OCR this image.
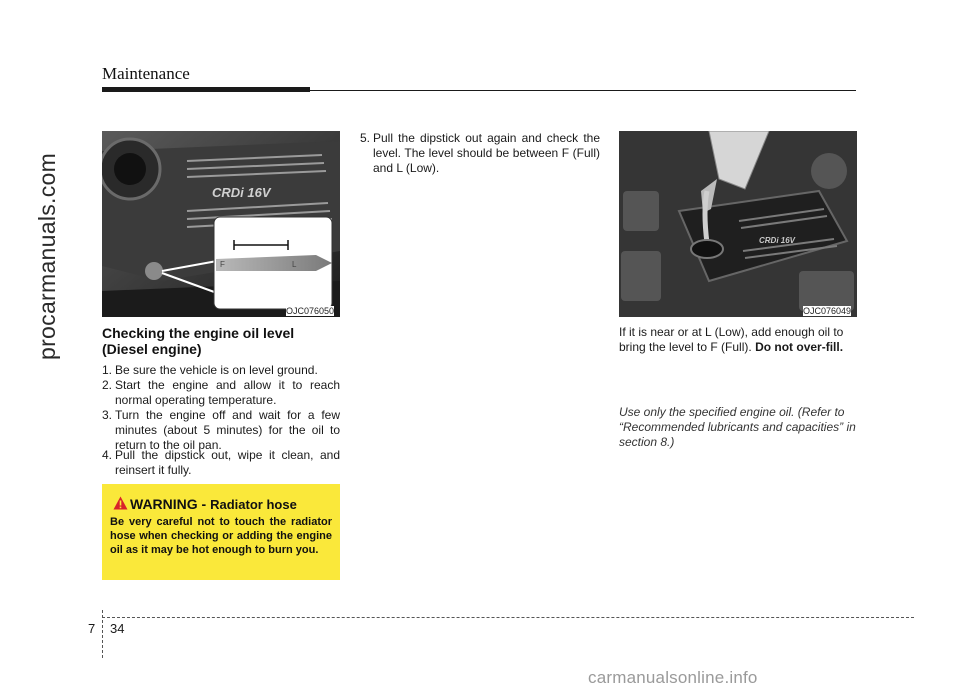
Maintenance
procarmanuals.com	CRDi 16V
F	L
OJC076050
CRDi 16V
OJC076049
Checking the engine oil level
(Diesel engine)
1. Be sure the vehicle is on level ground.
2. Start the engine and allow it to reach normal operating temperature.
3. Turn the engine off and wait for a few minutes (about 5 minutes) for the oil to return to the oil pan.
4. Pull the dipstick out, wipe it clean, and reinsert it fully.
WARNING - Radiator hose
Be very careful not to touch the radiator hose when checking or adding the engine oil as it may be hot enough to burn you.
5. Pull the dipstick out again and check the level. The level should be between F (Full) and L (Low).
If it is near or at L (Low), add enough oil to bring the level to F (Full). Do not over-fill.
Use only the specified engine oil. (Refer to “Recommended lubricants and capacities” in section 8.)
7 34
carmanualsonline.info
